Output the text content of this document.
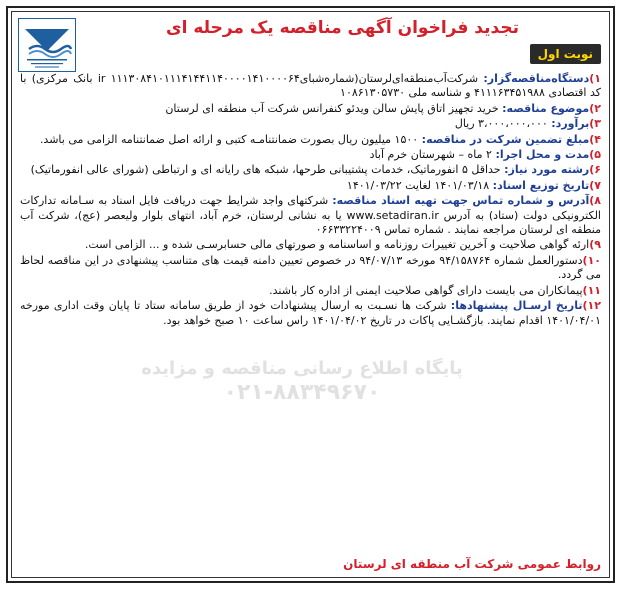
تجدید فراخوان آگهی مناقصه یک مرحله ای
نوبت اول

۱)دستگاه‌مناقصه‌گزار: شرکت‌آب‌منطقه‌ای‌لرستان(شماره‌شبای۱۱۱۳۰۸‌۴۱۰۱۱۱۴۱۴۴۱۱۴۰۰۰۰۱۴۱۰۰۰۰۶۴ ir بانک مرکزی) با کد اقتصادی ۴۱۱۱۶۳۴۵۱۹۸۸ و شناسه ملی ۱۰۸۶۱۳۰۵۷۳۰

۲)موضوع مناقصه: خرید تجهیز اتاق پایش سالن ویدئو کنفرانس شرکت آب منطقه ای لرستان

۳)برآورد: ۳،۰۰۰،۰۰۰،۰۰۰ ریال

۴)مبلغ تضمین شرکت در مناقصه: ۱۵۰۰ میلیون ریال بصورت ضمانتنامـه کتبی و ارائه اصل ضمانتنامه الزامی می باشد.

۵)مدت و محل اجرا: ۲ ماه – شهرستان خرم آباد

۶)رشته مورد نیاز: حداقل ۵ انفورماتیک، خدمات پشتیبانی طرحها، شبکه های رایانه ای و ارتباطی (شورای عالی انفورماتیک)

۷)تاریخ توزیع اسناد: ۱۴۰۱/۰۳/۱۸ لغایت ۱۴۰۱/۰۳/۲۲

۸)آدرس و شماره تماس جهت تهیه اسناد مناقصه: شرکتهای واجد شرایط جهت دریافت فایل اسناد به سـامانه تدارکات الکترونیکی دولت (ستاد) به آدرس www.setadiran.ir یا به نشانی لرستان، خرم آباد، انتهای بلوار ولیعصر (عج)، شرکت آب منطقه ای لرستان مراجعه نمایند . شماره تماس ۰۶۶۳۳۲۲۴۰۰۹

۹)ارئه گواهی صلاحیت و آخرین تغییرات روزنامه و اساسنامه و صورتهای مالی حسابرسـی شده و ... الزامی است.

۱۰)دستورالعمل شماره ۹۴/۱۵۸۷۶۴ مورخه ۹۴/۰۷/۱۳ در خصوص تعیین دامنه قیمت های متناسب پیشنهادی در این مناقصه لحاظ می گردد.

۱۱)پیمانکاران می بایست دارای گواهی صلاحیت ایمنی از اداره کار باشند.

۱۲)تاریخ ارسـال پیشنهادها: شرکت ها نسـبت به ارسال پیشنهادات خود از طریق سامانه ستاد تا پایان وقت اداری مورخه ۱۴۰۱/۰۴/۰۱ اقدام نمایند. بازگشـایی پاکات در تاریخ ۱۴۰۱/۰۴/۰۲ راس ساعت ۱۰ صبح خواهد بود.

پایگاه اطلاع رسانی مناقصه و مزایده
۰۲۱-۸۸۳۴۹۶۷۰
روابط عمومی شرکت آب منطقه ای لرستان
